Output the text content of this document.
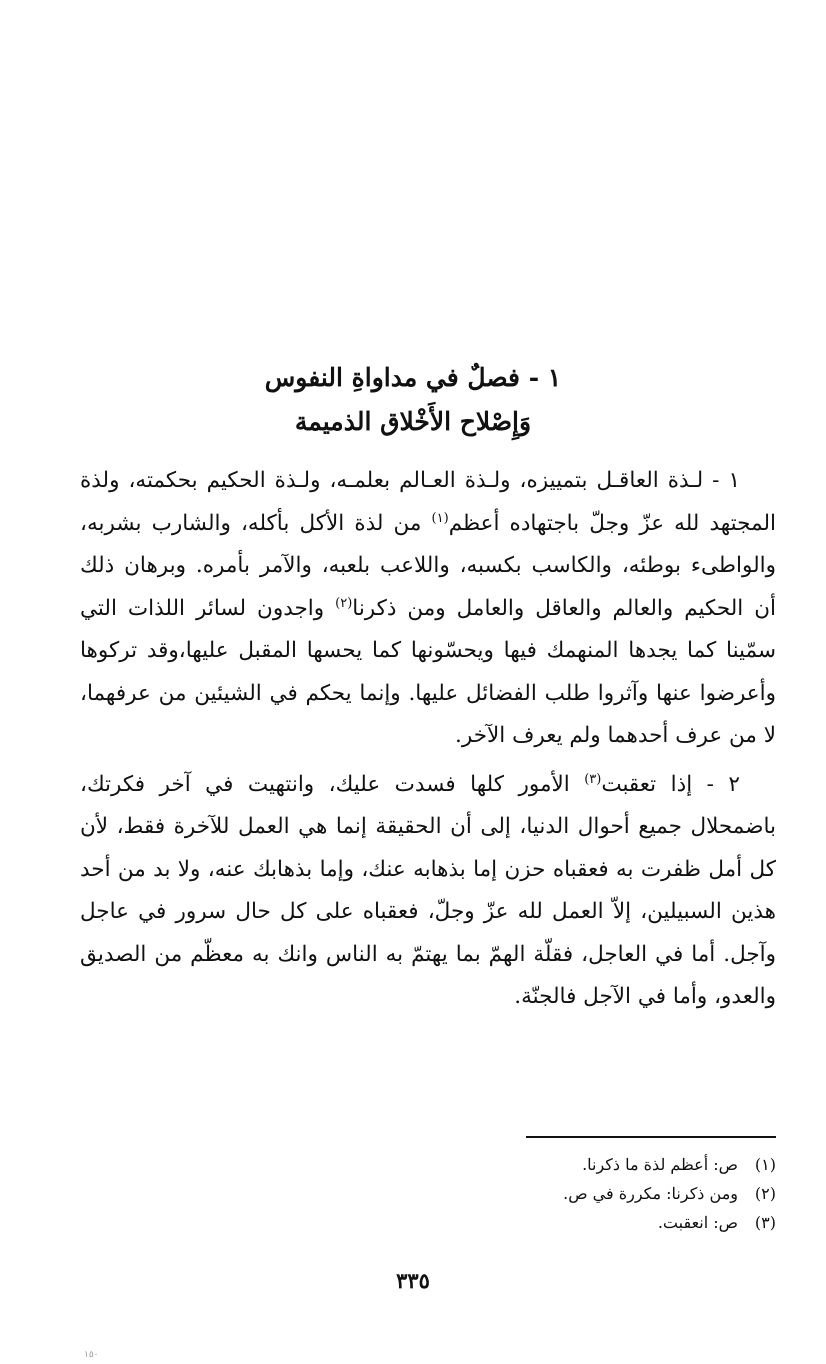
١ - فصلٌ في مداواةِ النفوس
وَإِصْلاح الأَخْلاق الذميمة

١ - لـذة العاقـل بتمييزه، ولـذة العـالم بعلمـه، ولـذة الحكيم بحكمته، ولذة المجتهد لله عزّ وجلّ باجتهاده أعظم$^{(١)}$ من لذة الأكل بأكله، والشارب بشربه، والواطىء بوطئه، والكاسب بكسبه، واللاعب بلعبه، والآمر بأمره. وبرهان ذلك أن الحكيم والعالم والعاقل والعامل ومن ذكرنا$^{(٢)}$ واجدون لسائر اللذات التي سمّينا كما يجدها المنهمك فيها ويحسّونها كما يحسها المقبل عليها،وقد تركوها وأعرضوا عنها وآثروا طلب الفضائل عليها. وإنما يحكم في الشيئين من عرفهما، لا من عرف أحدهما ولم يعرف الآخر.

٢ - إذا تعقبت$^{(٣)}$ الأمور كلها فسدت عليك، وانتهيت في آخر فكرتك، باضمحلال جميع أحوال الدنيا، إلى أن الحقيقة إنما هي العمل للآخرة فقط، لأن كل أمل ظفرت به فعقباه حزن إما بذهابه عنك، وإما بذهابك عنه، ولا بد من أحد هذين السبيلين، إلاّ العمل لله عزّ وجلّ، فعقباه على كل حال سرور في عاجل وآجل. أما في العاجل، فقلّة الهمّ بما يهتمّ به الناس وانك به معظّم من الصديق والعدو، وأما في الآجل فالجنّة.

(١)ص: أعظم لذة ما ذكرنا.
(٢)ومن ذكرنا: مكررة في ص.
(٣)ص: انعقبت.
٣٣٥
١٥٠
